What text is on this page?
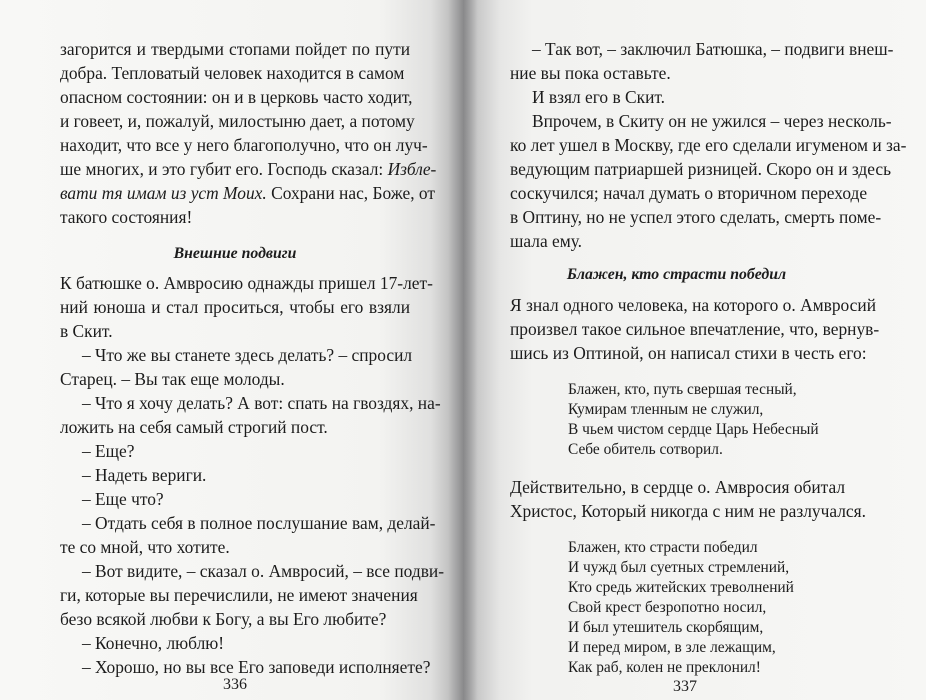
загорится и твердыми стопами пойдет по пути
добра. Тепловатый человек находится в самом
опасном состоянии: он и в церковь часто ходит,
и говеет, и, пожалуй, милостыню дает, а потому
находит, что все у него благополучно, что он луч-
ше многих, и это губит его. Господь сказал: Изблe-
вати тя имам из уст Моих. Сохрани нас, Боже, от
такого состояния!
Внешние подвиги
К батюшке о. Амвросию однажды пришел 17-лет-
ний юноша и стал проситься, чтобы его взяли
в Скит.
– Что же вы станете здесь делать? – спросил
Старец. – Вы так еще молоды.
– Что я хочу делать? А вот: спать на гвоздях, на-
ложить на себя самый строгий пост.
– Еще?
– Надеть вериги.
– Еще что?
– Отдать себя в полное послушание вам, делай-
те со мной, что хотите.
– Вот видите, – сказал о. Амвросий, – все подви-
ги, которые вы перечислили, не имеют значения
безо всякой любви к Богу, а вы Его любите?
– Конечно, люблю!
– Хорошо, но вы все Его заповеди исполняете?
336
– Так вот, – заключил Батюшка, – подвиги внеш-
ние вы пока оставьте.
И взял его в Скит.
Впрочем, в Скиту он не ужился – через несколь-
ко лет ушел в Москву, где его сделали игуменом и за-
ведующим патриаршей ризницей. Скоро он и здесь
соскучился; начал думать о вторичном переходе
в Оптину, но не успел этого сделать, смерть поме-
шала ему.
Блажен, кто страсти победил
Я знал одного человека, на которого о. Амвросий
произвел такое сильное впечатление, что, вернув-
шись из Оптиной, он написал стихи в честь его:
Блажен, кто, путь свершая тесный,
Кумирам тленным не служил,
В чьем чистом сердце Царь Небесный
Себе обитель сотворил.
Действительно, в сердце о. Амвросия обитал
Христос, Который никогда с ним не разлучался.
Блажен, кто страсти победил
И чужд был суетных стремлений,
Кто средь житейских треволнений
Свой крест безропотно носил,
И был утешитель скорбящим,
И перед миром, в зле лежащим,
Как раб, колен не преклонил!
337
